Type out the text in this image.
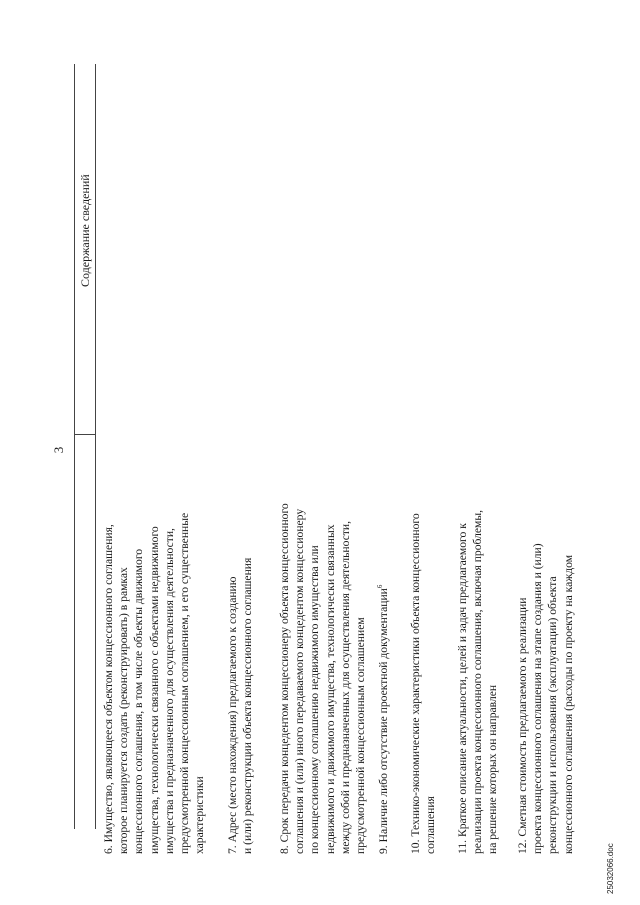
3
Содержание сведений

6. Имущество, являющееся объектом концессионного соглашения, которое планируется создать (реконструировать) в рамках концессионного соглашения, в том числе объекты движимого имущества, технологически связанного с объектами недвижимого имущества и предназначенного для осуществления деятельности, предусмотренной концессионным соглашением, и его существенные характеристики 7. Адрес (место нахождения) предлагаемого к созданию и (или) реконструкции объекта концессионного соглашения 8. Срок передачи концедентом концессионеру объекта концессионного соглашения и (или) иного передаваемого концедентом концессионеру по концессионному соглашению недвижимого имущества или недвижимого и движимого имущества, технологически связанных между собой и предназначенных для осуществления деятельности, предусмотренной концессионным соглашением 9. Наличие либо отсутствие проектной документации$^6$	10. Технико-экономические характеристики объекта концессионного соглашения 11. Краткое описание актуальности, целей и задач предлагаемого к реализации проекта концессионного соглашения, включая проблемы, на решение которых он направлен 12. Сметная стоимость предлагаемого к реализации проекта концессионного соглашения на этапе создания и (или) реконструкции и использования (эксплуатации) объекта концессионного соглашения (расходы по проекту на каждом

25032066.doc
